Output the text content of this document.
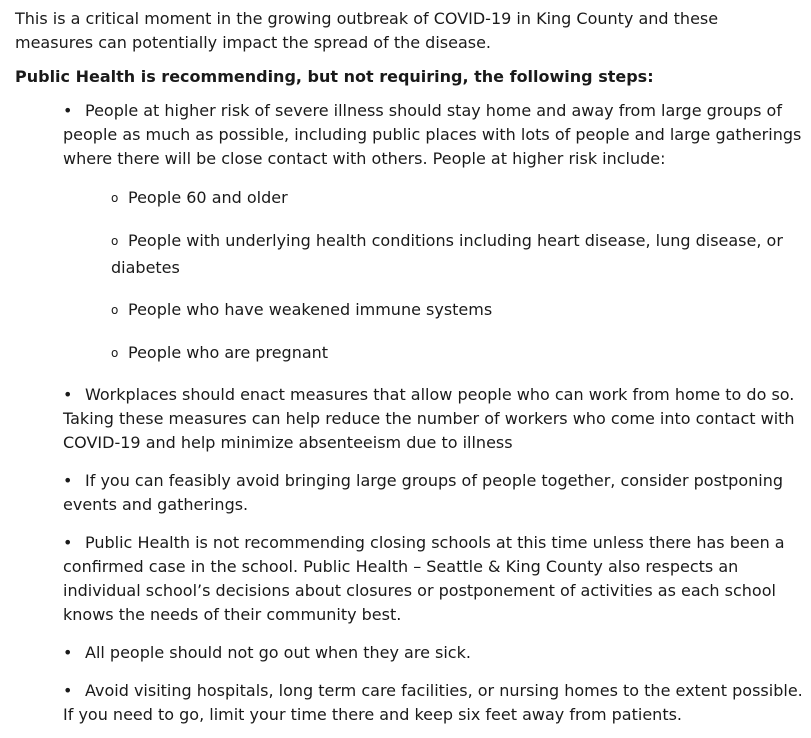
This is a critical moment in the growing outbreak of COVID-19 in King County and these measures can potentially impact the spread of the disease.

Public Health is recommending, but not requiring, the following steps:

• People at higher risk of severe illness should stay home and away from large groups of people as much as possible, including public places with lots of people and large gatherings where there will be close contact with others. People at higher risk include:
o People 60 and older
o People with underlying health conditions including heart disease, lung disease, or diabetes
o People who have weakened immune systems
o People who are pregnant
• Workplaces should enact measures that allow people who can work from home to do so. Taking these measures can help reduce the number of workers who come into contact with COVID-19 and help minimize absenteeism due to illness
• If you can feasibly avoid bringing large groups of people together, consider postponing events and gatherings.
• Public Health is not recommending closing schools at this time unless there has been a confirmed case in the school. Public Health – Seattle & King County also respects an individual school’s decisions about closures or postponement of activities as each school knows the needs of their community best.
• All people should not go out when they are sick.
• Avoid visiting hospitals, long term care facilities, or nursing homes to the extent possible. If you need to go, limit your time there and keep six feet away from patients.
